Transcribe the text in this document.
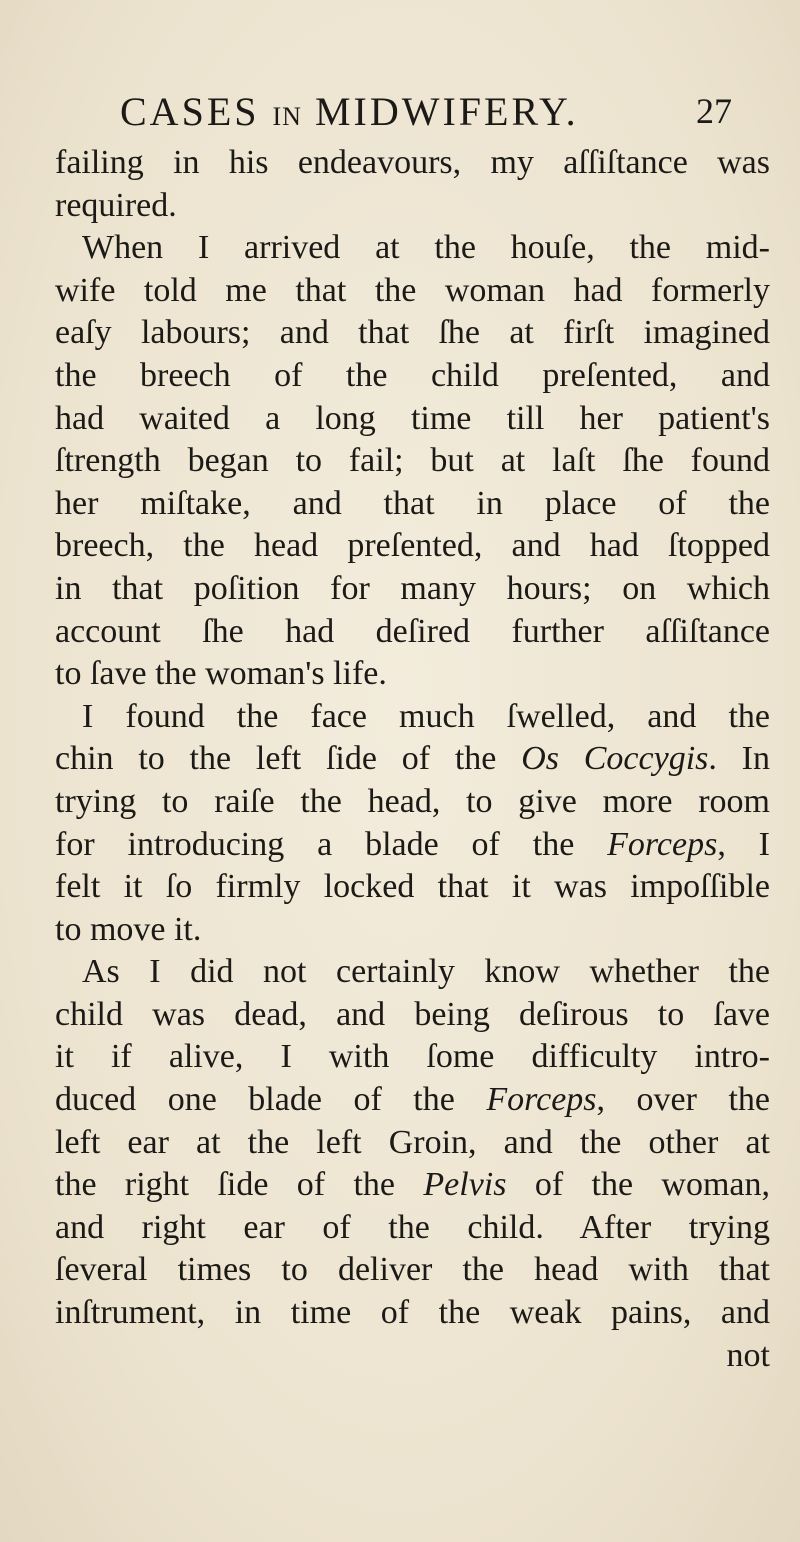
CASES IN MIDWIFERY.	27
failing in his endeavours, my aſſiſtance was
required.
When I arrived at the houſe, the mid-
wife told me that the woman had formerly
eaſy labours; and that ſhe at firſt imagined
the breech of the child preſented, and
had waited a long time till her patient's
ſtrength began to fail; but at laſt ſhe found
her miſtake, and that in place of the
breech, the head preſented, and had ſtopped
in that poſition for many hours; on which
account ſhe had deſired further aſſiſtance
to ſave the woman's life.
I found the face much ſwelled, and the
chin to the left ſide of the Os Coccygis. In
trying to raiſe the head, to give more room
for introducing a blade of the Forceps, I
felt it ſo firmly locked that it was impoſſible
to move it.
As I did not certainly know whether the
child was dead, and being deſirous to ſave
it if alive, I with ſome difficulty intro-
duced one blade of the Forceps, over the
left ear at the left Groin, and the other at
the right ſide of the Pelvis of the woman,
and right ear of the child. After trying
ſeveral times to deliver the head with that
inſtrument, in time of the weak pains, and
not
